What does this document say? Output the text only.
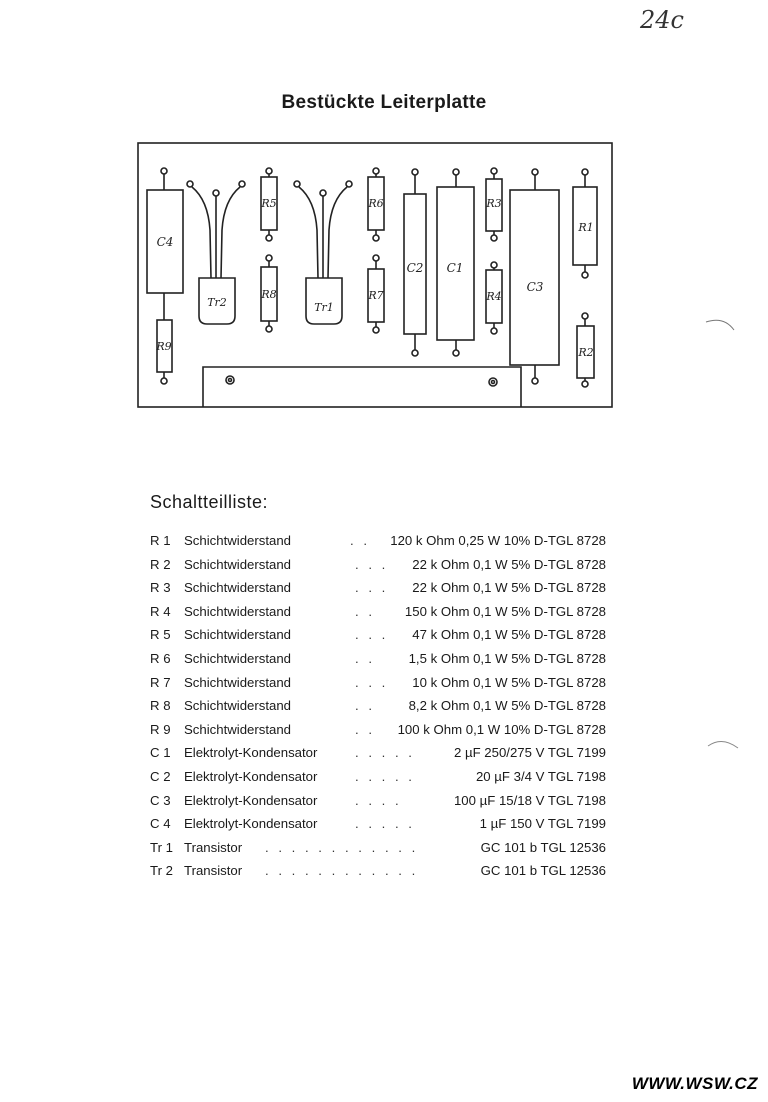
24c
Bestückte Leiterplatte
C4
Tr2
R5
R8
R9
Tr1
R6
R7
C2 C1
R3
R4
C3
R1
R2
Schaltteilliste:
R 1	Schichtwiderstand	. . 120 k Ohm 0,25 W 10% D-TGL 8728
R 2	Schichtwiderstand	. . . 22 k Ohm 0,1 W 5% D-TGL 8728
R 3	Schichtwiderstand	. . . 22 k Ohm 0,1 W 5% D-TGL 8728
R 4	Schichtwiderstand	. . 150 k Ohm 0,1 W 5% D-TGL 8728
R 5	Schichtwiderstand	. . . 47 k Ohm 0,1 W 5% D-TGL 8728
R 6	Schichtwiderstand	. .	1,5 k Ohm 0,1 W 5% D-TGL 8728
R 7	Schichtwiderstand	. . . 10 k Ohm 0,1 W 5% D-TGL 8728
R 8	Schichtwiderstand	. .	8,2 k Ohm 0,1 W 5% D-TGL 8728
R 9	Schichtwiderstand	. . 100 k Ohm 0,1 W 10% D-TGL 8728
C 1	Elektrolyt-Kondensator	. . . . .	2 µF 250/275 V TGL 7199
C 2	Elektrolyt-Kondensator	. . . . .	20 µF 3/4 V TGL 7198
C 3	Elektrolyt-Kondensator	. . . .	100 µF 15/18 V TGL 7198
C 4	Elektrolyt-Kondensator	. . . . .	1 µF 150 V TGL 7199
Tr 1 Transistor . . . . . . . . . . . .	GC 101 b TGL 12536
Tr 2 Transistor . . . . . . . . . . . .	GC 101 b TGL 12536
WWW.WSW.CZ
